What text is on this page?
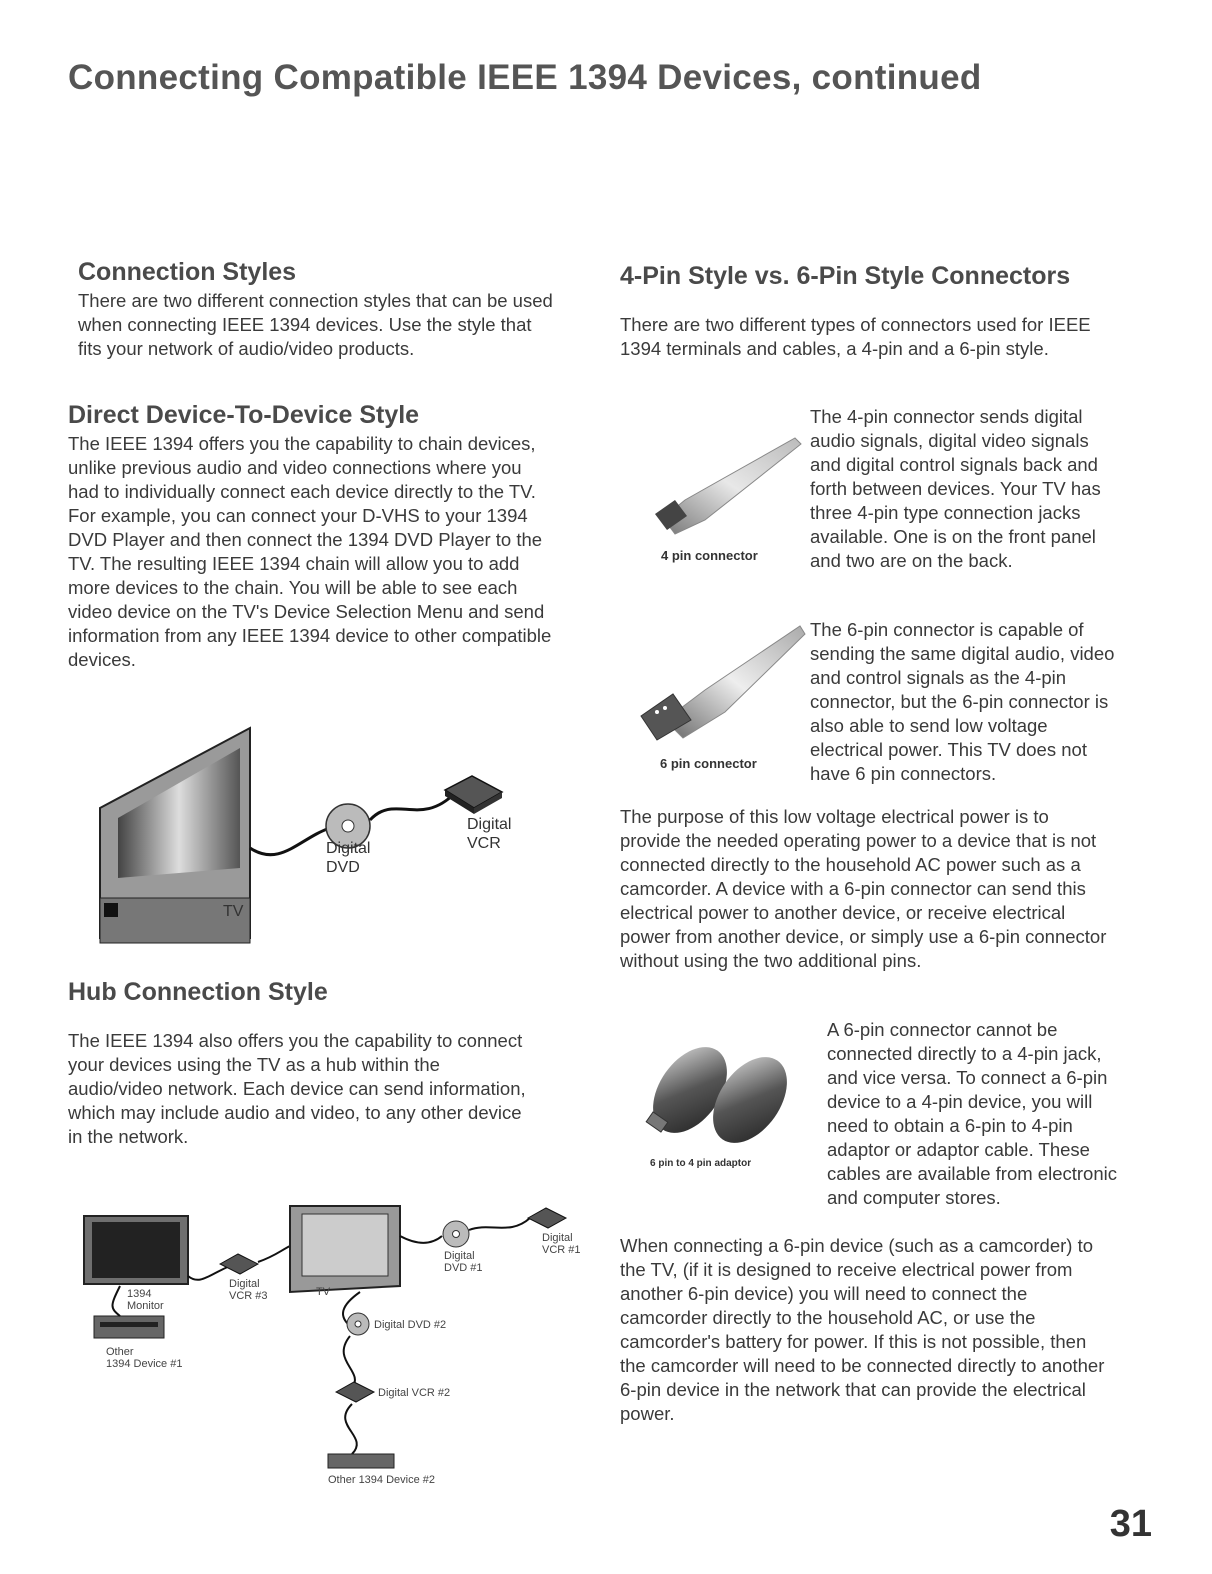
Connecting Compatible IEEE 1394 Devices, continued
Connection Styles
There are two different connection styles that can be used when connecting IEEE 1394 devices. Use the style that fits your network of audio/video products.
Direct Device-To-Device Style
The IEEE 1394 offers you the capability to chain devices, unlike previous audio and video connections where you had to individually connect each device directly to the TV. For example, you can connect your D-VHS to your 1394 DVD Player and then connect the 1394 DVD Player to the TV. The resulting IEEE 1394 chain will allow you to add more devices to the chain. You will be able to see each video device on the TV's Device Selection Menu and send information from any IEEE 1394 device to other compatible devices.
TV
Digital
DVD
Digital
VCR
Hub Connection Style
The IEEE 1394 also offers you the capability to connect your devices using the TV as a hub within the audio/video network. Each device can send information, which may include audio and video, to any other device in the network.
1394
Monitor
Other
1394 Device #1
Digital
VCR #3	TV
Digital
DVD #1
Digital
VCR #1
Digital DVD #2
Digital VCR #2
Other 1394 Device #2
4-Pin Style vs. 6-Pin Style Connectors
There are two different types of connectors used for IEEE 1394 terminals and cables, a 4-pin and a 6-pin style.
4 pin connector
The 4-pin connector sends digital audio signals, digital video signals and digital control signals back and forth between devices. Your TV has three 4-pin type connection jacks available. One is on the front panel and two are on the back.
6 pin connector
The 6-pin connector is capable of sending the same digital audio, video and control signals as the 4-pin connector, but the 6-pin connector is also able to send low voltage electrical power. This TV does not have 6 pin connectors.
The purpose of this low voltage electrical power is to provide the needed operating power to a device that is not connected directly to the household AC power such as a camcorder. A device with a 6-pin connector can send this electrical power to another device, or receive electrical power from another device, or simply use a 6-pin connector without using the two additional pins.
6 pin to 4 pin adaptor
A 6-pin connector cannot be connected directly to a 4-pin jack, and vice versa. To connect a 6-pin device to a 4-pin device, you will need to obtain a 6-pin to 4-pin adaptor or adaptor cable. These cables are available from electronic and computer stores.
When connecting a 6-pin device (such as a camcorder) to the TV, (if it is designed to receive electrical power from another 6-pin device) you will need to connect the camcorder directly to the household AC, or use the camcorder's battery for power. If this is not possible, then the camcorder will need to be connected directly to another 6-pin device in the network that can provide the electrical power.
31
